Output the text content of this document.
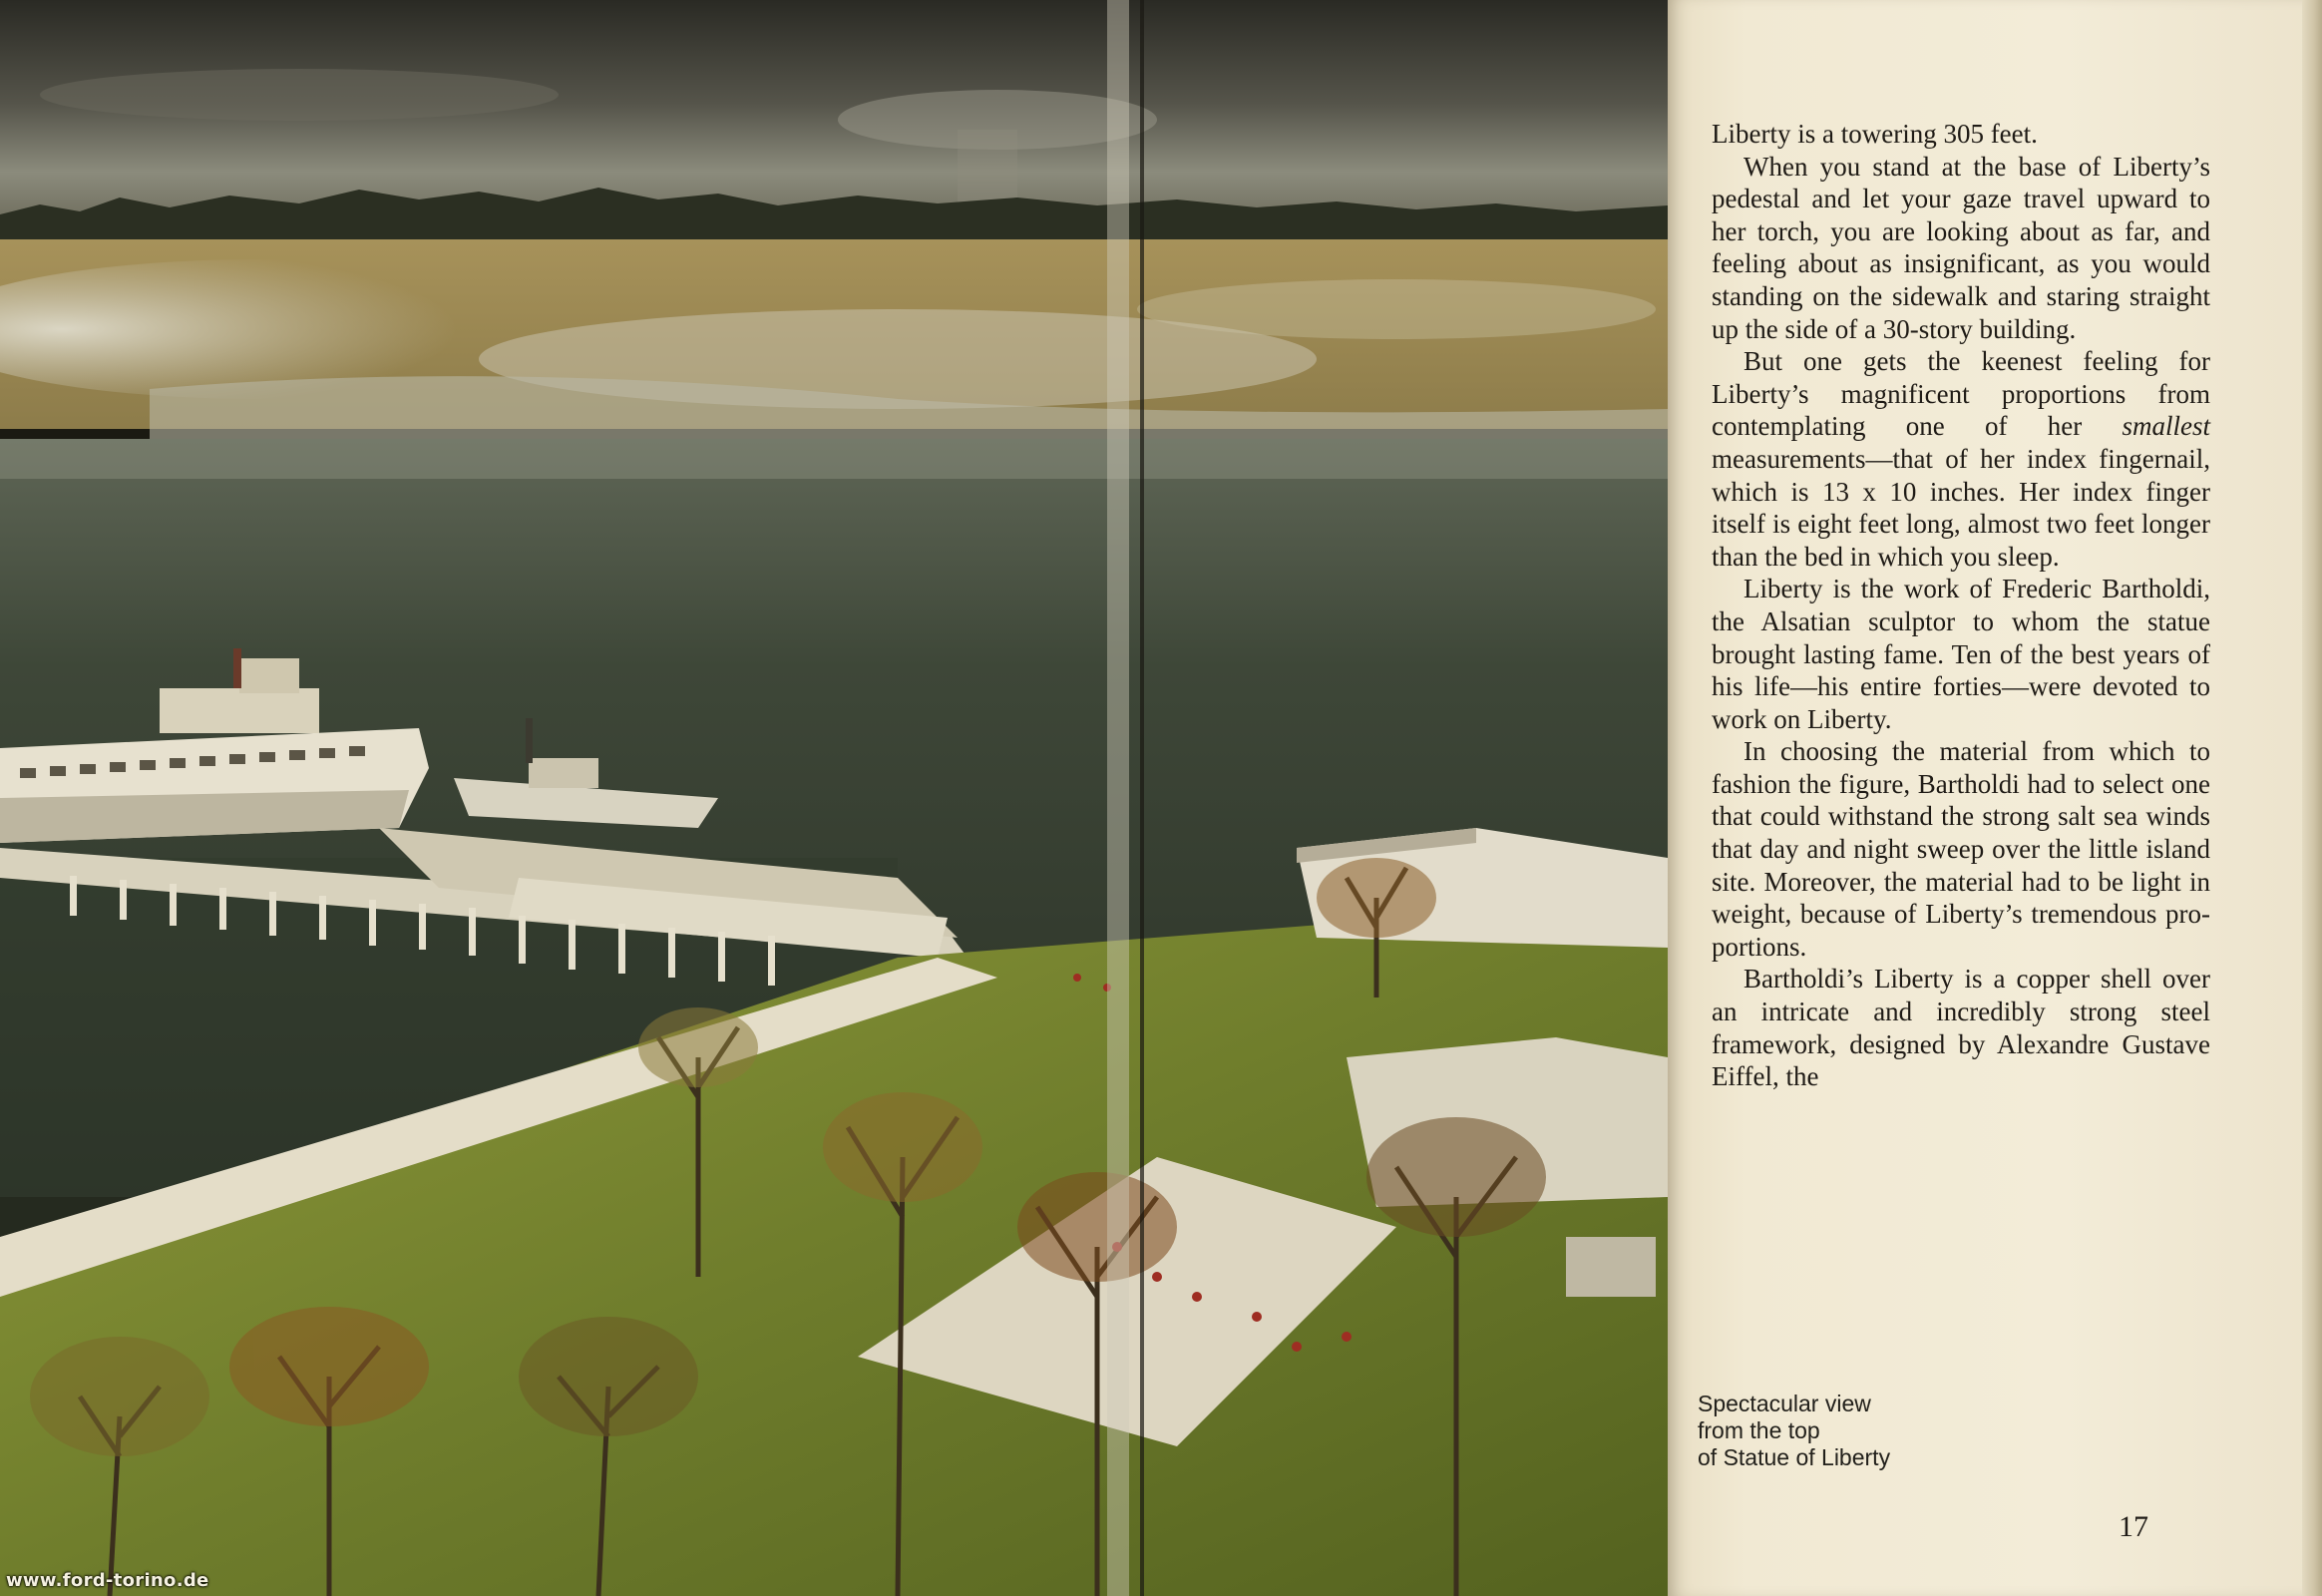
Liberty is a towering 305 feet.

When you stand at the base of Liberty’s pedestal and let your gaze travel upward to her torch, you are looking about as far, and feeling about as insignificant, as you would standing on the sidewalk and staring straight up the side of a 30-story building.

But one gets the keenest feeling for Liberty’s magnificent proportions from contemplating one of her smallest measurements—that of her index fingernail, which is 13 x 10 inches. Her index finger itself is eight feet long, almost two feet longer than the bed in which you sleep.

Liberty is the work of Frederic Bartholdi, the Alsatian sculptor to whom the statue brought lasting fame. Ten of the best years of his life—his entire forties—were devoted to work on Liberty.

In choosing the material from which to fashion the figure, Bartholdi had to select one that could withstand the strong salt sea winds that day and night sweep over the little island site. Moreover, the material had to be light in weight, because of Liberty’s tremendous proportions.

Bartholdi’s Liberty is a copper shell over an intricate and incredibly strong steel framework, designed by Alexandre Gustave Eiffel, the

Spectacular view
from the top
of Statue of Liberty
17
www.ford-torino.de
